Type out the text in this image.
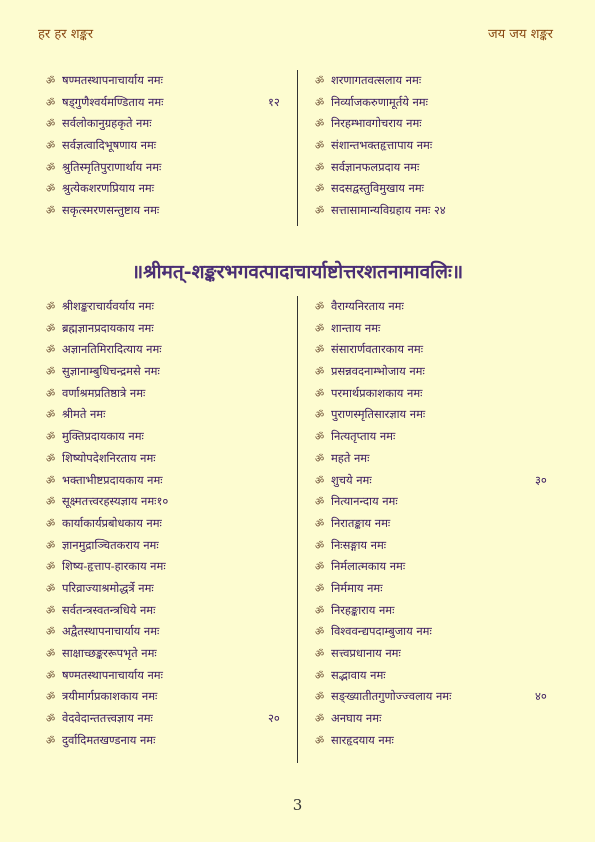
हर हर शङ्कर	जय जय शङ्कर
ॐ षण्मतस्थापनाचार्याय नमः
ॐ षड्गुणैश्वर्यमण्डिताय नमः	१२
ॐ सर्वलोकानुग्रहकृते नमः
ॐ सर्वज्ञत्वादिभूषणाय नमः
ॐ श्रुतिस्मृतिपुराणार्थाय नमः
ॐ श्रुत्येकशरणप्रियाय नमः
ॐ सकृत्स्मरणसन्तुष्टाय नमः
ॐ शरणागतवत्सलाय नमः
ॐ निर्व्याजकरुणामूर्तये नमः
ॐ निरहम्भावगोचराय नमः
ॐ संशान्तभक्तहृत्तापाय नमः
ॐ सर्वज्ञानफलप्रदाय नमः
ॐ सदसद्वस्तुविमुखाय नमः
ॐ सत्तासामान्यविग्रहाय नमः २४
॥श्रीमत्-शङ्करभगवत्पादाचार्याष्टोत्तरशतनामावलिः॥
ॐ श्रीशङ्कराचार्यवर्याय नमः
ॐ ब्रह्मज्ञानप्रदायकाय नमः
ॐ अज्ञानतिमिरादित्याय नमः
ॐ सुज्ञानाम्बुधिचन्द्रमसे नमः
ॐ वर्णाश्रमप्रतिष्ठात्रे नमः
ॐ श्रीमते नमः
ॐ मुक्तिप्रदायकाय नमः
ॐ शिष्योपदेशनिरताय नमः
ॐ भक्ताभीष्टप्रदायकाय नमः
ॐ सूक्ष्मतत्त्वरहस्यज्ञाय नमः१०
ॐ कार्याकार्यप्रबोधकाय नमः
ॐ ज्ञानमुद्राञ्चितकराय नमः
ॐ शिष्य-हृत्ताप-हारकाय नमः
ॐ परिव्राज्याश्रमोद्धर्त्रे नमः
ॐ सर्वतन्त्रस्वतन्त्रधिये नमः
ॐ अद्वैतस्थापनाचार्याय नमः
ॐ साक्षाच्छङ्कररूपभृते नमः
ॐ षण्मतस्थापनाचार्याय नमः
ॐ त्रयीमार्गप्रकाशकाय नमः
ॐ वेदवेदान्ततत्त्वज्ञाय नमः	२०
ॐ दुर्वादिमतखण्डनाय नमः
ॐ वैराग्यनिरताय नमः
ॐ शान्ताय नमः
ॐ संसारार्णवतारकाय नमः
ॐ प्रसन्नवदनाम्भोजाय नमः
ॐ परमार्थप्रकाशकाय नमः
ॐ पुराणस्मृतिसारज्ञाय नमः
ॐ नित्यतृप्ताय नमः
ॐ महते नमः
ॐ शुचये नमः	३०
ॐ नित्यानन्दाय नमः
ॐ निरातङ्काय नमः
ॐ निःसङ्गाय नमः
ॐ निर्मलात्मकाय नमः
ॐ निर्ममाय नमः
ॐ निरहङ्काराय नमः
ॐ विश्ववन्द्यपदाम्बुजाय नमः
ॐ सत्त्वप्रधानाय नमः
ॐ सद्भावाय नमः
ॐ सङ्ख्यातीतगुणोज्ज्वलाय नमः	४०
ॐ अनघाय नमः
ॐ सारहृदयाय नमः
3
